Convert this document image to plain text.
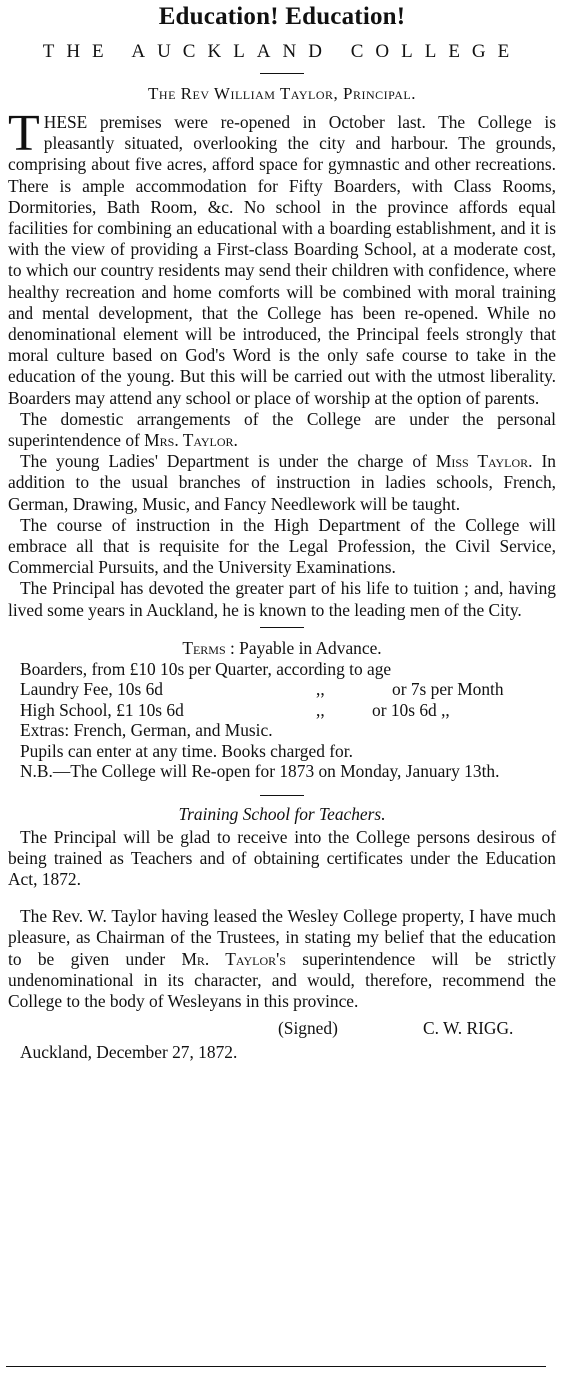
Education! Education!
THE AUCKLAND COLLEGE
The Rev William Taylor, Principal.

THESE premises were re-opened in October last. The College is pleasantly situated, overlooking the city and harbour. The grounds, comprising about five acres, afford space for gymnastic and other recreations. There is ample accommodation for Fifty Boarders, with Class Rooms, Dormitories, Bath Room, &c. No school in the province affords equal facilities for combining an educational with a boarding establishment, and it is with the view of providing a First-class Boarding School, at a moderate cost, to which our country residents may send their children with confidence, where healthy recreation and home comforts will be combined with moral training and mental development, that the College has been re-opened. While no denominational element will be introduced, the Principal feels strongly that moral culture based on God's Word is the only safe course to take in the education of the young. But this will be carried out with the utmost liberality. Boarders may attend any school or place of worship at the option of parents.

The domestic arrangements of the College are under the personal superintendence of Mrs. Taylor.

The young Ladies' Department is under the charge of Miss Taylor. In addition to the usual branches of instruction in ladies schools, French, German, Drawing, Music, and Fancy Needlework will be taught.

The course of instruction in the High Department of the College will embrace all that is requisite for the Legal Profession, the Civil Service, Commercial Pursuits, and the University Examinations.

The Principal has devoted the greater part of his life to tuition ; and, having lived some years in Auckland, he is known to the leading men of the City.

Terms : Payable in Advance.
Boarders, from £10 10s per Quarter, according to age
Laundry Fee, 10s 6d	,,	or 7s per Month
High School, £1 10s 6d	,,	or 10s 6d ,,
Extras: French, German, and Music.
Pupils can enter at any time. Books charged for.

N.B.—The College will Re-open for 1873 on Monday, January 13th.

Training School for Teachers.

The Principal will be glad to receive into the College persons desirous of being trained as Teachers and of obtaining certificates under the Education Act, 1872.

The Rev. W. Taylor having leased the Wesley College property, I have much pleasure, as Chairman of the Trustees, in stating my belief that the education to be given under Mr. Taylor's superintendence will be strictly undenominational in its character, and would, therefore, recommend the College to the body of Wesleyans in this province.

(Signed)	C. W. RIGG.
Auckland, December 27, 1872.
